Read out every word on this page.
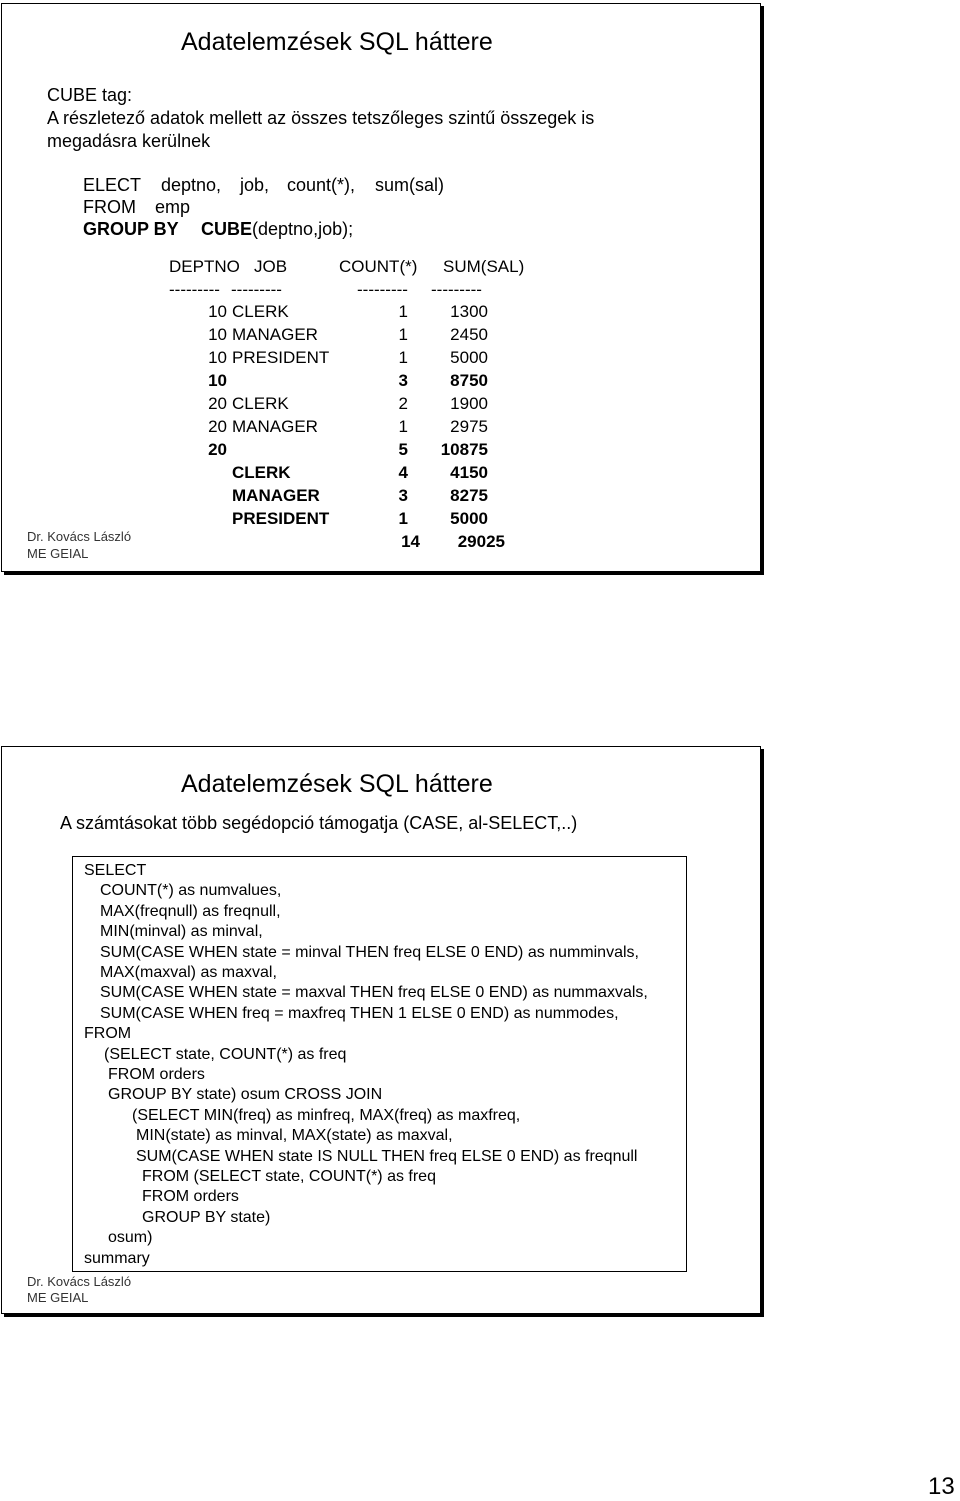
Adatelemzések SQL háttere
CUBE tag:
A részletező adatok mellett az összes tetszőleges szintű összegek is
megadásra kerülnek
ELECT deptno, job, count(*), sum(sal)
FROM emp
GROUP BY CUBE(deptno,job);
DEPTNO JOB	COUNT(*) SUM(SAL)
--------- ---------	--------- ---------
10 CLERK	1 1300
10 MANAGER	1 2450
10 PRESIDENT	1 5000
10	3 8750
20 CLERK	2 1900
20 MANAGER	1 2975
20	5 10875
CLERK	4 4150
MANAGER	3 8275
PRESIDENT	1 5000
14 29025
Dr. Kovács László
ME GEIAL
Adatelemzések SQL háttere
A számtásokat több segédopció támogatja (CASE, al-SELECT,..)
SELECT
COUNT(*) as numvalues,
MAX(freqnull) as freqnull,
MIN(minval) as minval,
SUM(CASE WHEN state = minval THEN freq ELSE 0 END) as numminvals,
MAX(maxval) as maxval,
SUM(CASE WHEN state = maxval THEN freq ELSE 0 END) as nummaxvals,
SUM(CASE WHEN freq = maxfreq THEN 1 ELSE 0 END) as nummodes,
FROM
(SELECT state, COUNT(*) as freq
FROM orders
GROUP BY state) osum CROSS JOIN
(SELECT MIN(freq) as minfreq, MAX(freq) as maxfreq,
MIN(state) as minval, MAX(state) as maxval,
SUM(CASE WHEN state IS NULL THEN freq ELSE 0 END) as freqnull
FROM (SELECT state, COUNT(*) as freq
FROM orders
GROUP BY state)
osum)
summary
Dr. Kovács László
ME GEIAL
13
